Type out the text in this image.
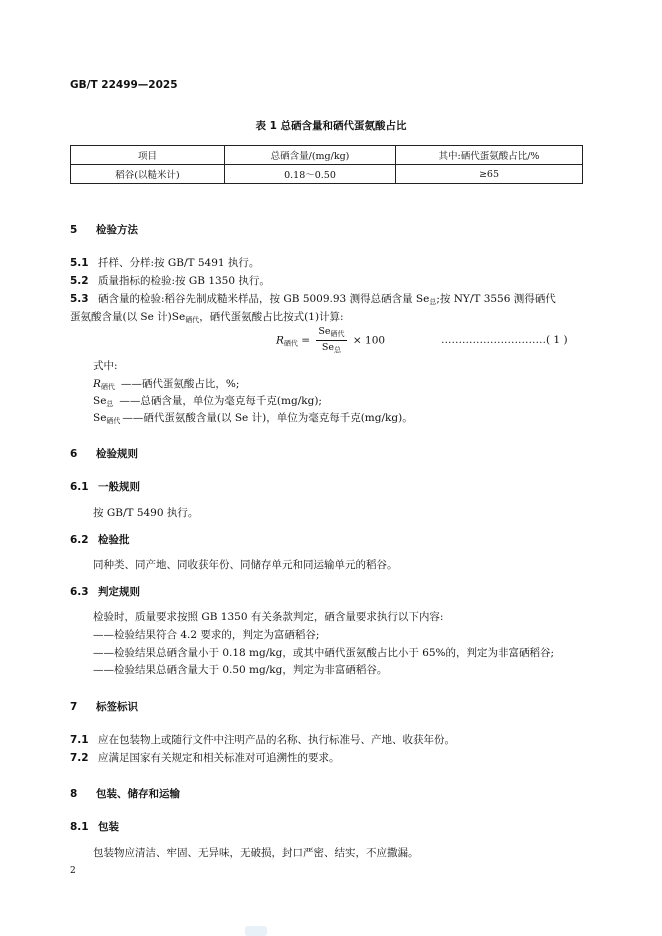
GB/T 22499—2025
表 1 总硒含量和硒代蛋氨酸占比
项目	总硒含量/(mg/kg)	其中:硒代蛋氨酸占比/%
稻谷(以糙米计)	0.18～0.50	≥65
5 检验方法
5.1 扦样、分样:按 GB/T 5491 执行。
5.2 质量指标的检验:按 GB 1350 执行。
5.3 硒含量的检验:稻谷先制成糙米样品，按 GB 5009.93 测得总硒含量 $Se_总$;按 NY/T 3556 测得硒代
蛋氨酸含量(以 Se 计)$Se_{硒代}$，硒代蛋氨酸占比按式(1)计算:
$R_{硒代} = \frac{Se_{硒代}}{Se_总} \times 100$	…………………………( 1 )
式中:
$R_{硒代}$ ——硒代蛋氨酸占比，%;
$Se_总$ ——总硒含量，单位为毫克每千克(mg/kg);
$Se_{硒代}$ ——硒代蛋氨酸含量(以 Se 计)，单位为毫克每千克(mg/kg)。
6 检验规则
6.1 一般规则
按 GB/T 5490 执行。
6.2 检验批
同种类、同产地、同收获年份、同储存单元和同运输单元的稻谷。
6.3 判定规则
检验时，质量要求按照 GB 1350 有关条款判定，硒含量要求执行以下内容:
——检验结果符合 4.2 要求的，判定为富硒稻谷;
——检验结果总硒含量小于 0.18 mg/kg，或其中硒代蛋氨酸占比小于 65%的，判定为非富硒稻谷;
——检验结果总硒含量大于 0.50 mg/kg，判定为非富硒稻谷。
7 标签标识
7.1 应在包装物上或随行文件中注明产品的名称、执行标准号、产地、收获年份。
7.2 应满足国家有关规定和相关标准对可追溯性的要求。
8 包装、储存和运输
8.1 包装
包装物应清洁、牢固、无异味，无破损，封口严密、结实，不应撒漏。
2
